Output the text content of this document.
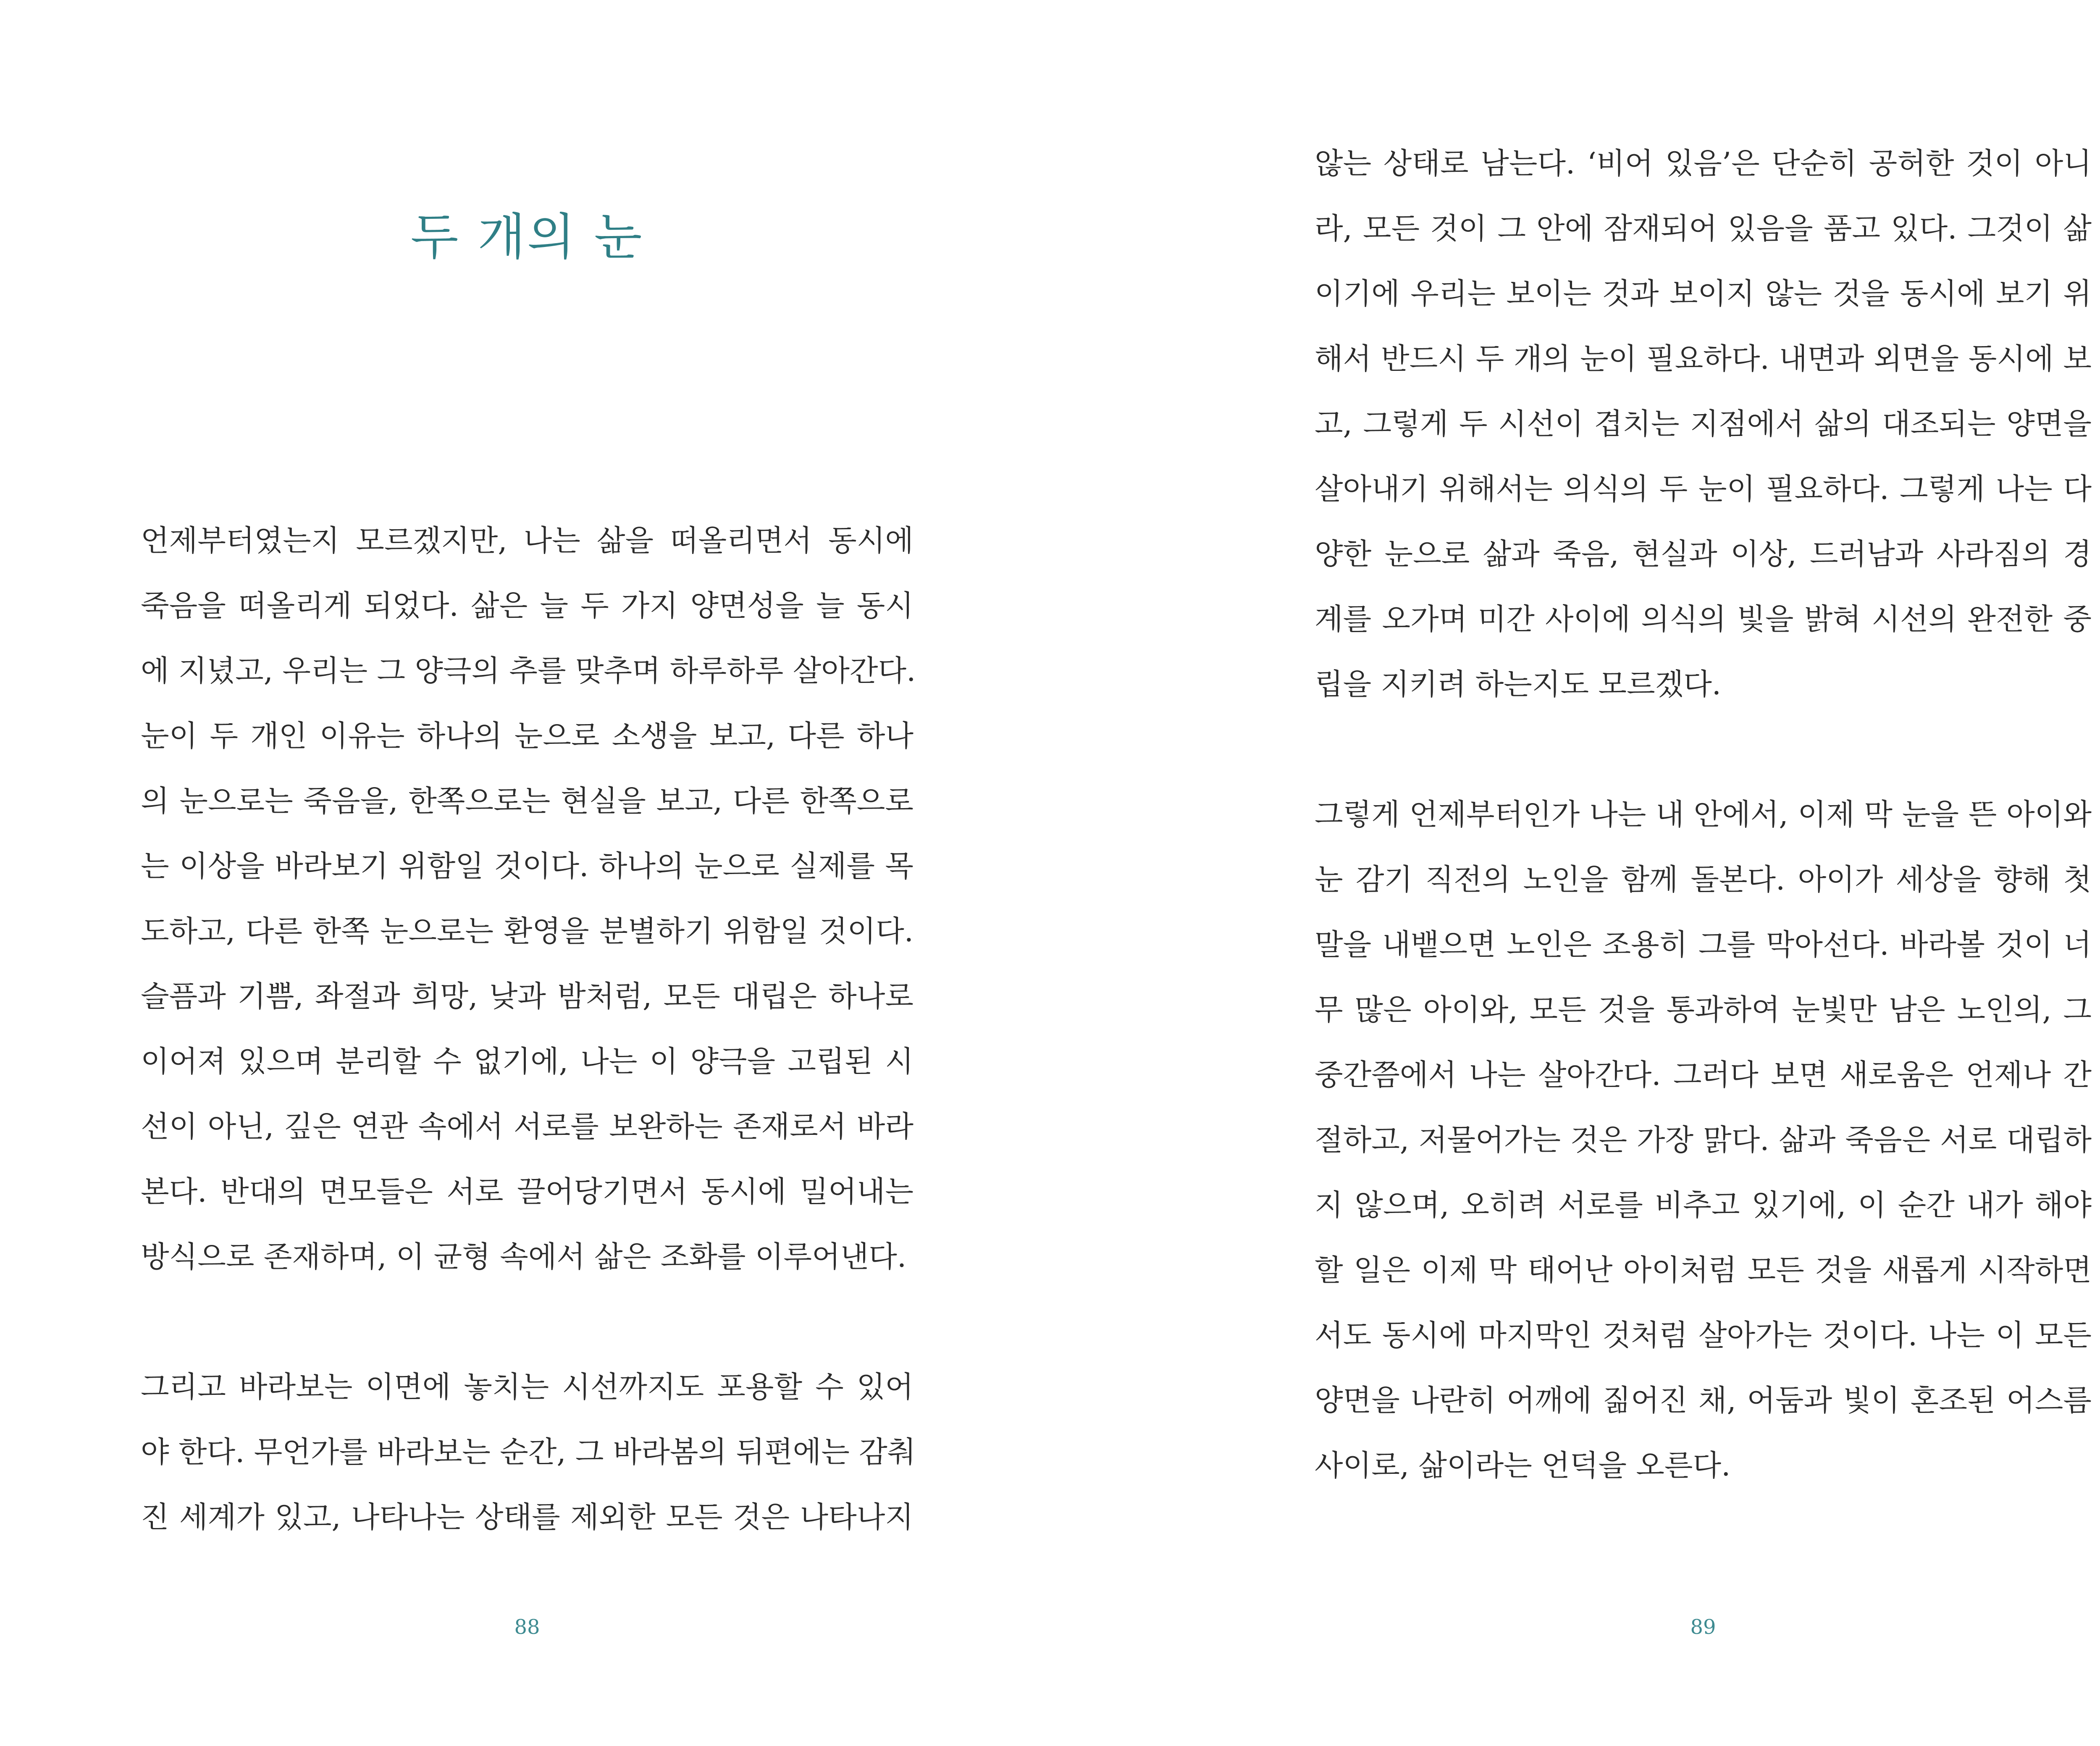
두 개의 눈

언제부터였는지 모르겠지만, 나는 삶을 떠올리면서 동시에
죽음을 떠올리게 되었다. 삶은 늘 두 가지 양면성을 늘 동시
에 지녔고, 우리는 그 양극의 추를 맞추며 하루하루 살아간다.
눈이 두 개인 이유는 하나의 눈으로 소생을 보고, 다른 하나
의 눈으로는 죽음을, 한쪽으로는 현실을 보고, 다른 한쪽으로
는 이상을 바라보기 위함일 것이다. 하나의 눈으로 실제를 목
도하고, 다른 한쪽 눈으로는 환영을 분별하기 위함일 것이다.
슬픔과 기쁨, 좌절과 희망, 낮과 밤처럼, 모든 대립은 하나로
이어져 있으며 분리할 수 없기에, 나는 이 양극을 고립된 시
선이 아닌, 깊은 연관 속에서 서로를 보완하는 존재로서 바라
본다. 반대의 면모들은 서로 끌어당기면서 동시에 밀어내는
방식으로 존재하며, 이 균형 속에서 삶은 조화를 이루어낸다.

그리고 바라보는 이면에 놓치는 시선까지도 포용할 수 있어
야 한다. 무언가를 바라보는 순간, 그 바라봄의 뒤편에는 감춰
진 세계가 있고, 나타나는 상태를 제외한 모든 것은 나타나지

88

않는 상태로 남는다. ‘비어 있음’은 단순히 공허한 것이 아니
라, 모든 것이 그 안에 잠재되어 있음을 품고 있다. 그것이 삶
이기에 우리는 보이는 것과 보이지 않는 것을 동시에 보기 위
해서 반드시 두 개의 눈이 필요하다. 내면과 외면을 동시에 보
고, 그렇게 두 시선이 겹치는 지점에서 삶의 대조되는 양면을
살아내기 위해서는 의식의 두 눈이 필요하다. 그렇게 나는 다
양한 눈으로 삶과 죽음, 현실과 이상, 드러남과 사라짐의 경
계를 오가며 미간 사이에 의식의 빛을 밝혀 시선의 완전한 중
립을 지키려 하는지도 모르겠다.

그렇게 언제부터인가 나는 내 안에서, 이제 막 눈을 뜬 아이와
눈 감기 직전의 노인을 함께 돌본다. 아이가 세상을 향해 첫
말을 내뱉으면 노인은 조용히 그를 막아선다. 바라볼 것이 너
무 많은 아이와, 모든 것을 통과하여 눈빛만 남은 노인의, 그
중간쯤에서 나는 살아간다. 그러다 보면 새로움은 언제나 간
절하고, 저물어가는 것은 가장 맑다. 삶과 죽음은 서로 대립하
지 않으며, 오히려 서로를 비추고 있기에, 이 순간 내가 해야
할 일은 이제 막 태어난 아이처럼 모든 것을 새롭게 시작하면
서도 동시에 마지막인 것처럼 살아가는 것이다. 나는 이 모든
양면을 나란히 어깨에 짊어진 채, 어둠과 빛이 혼조된 어스름
사이로, 삶이라는 언덕을 오른다.

89
